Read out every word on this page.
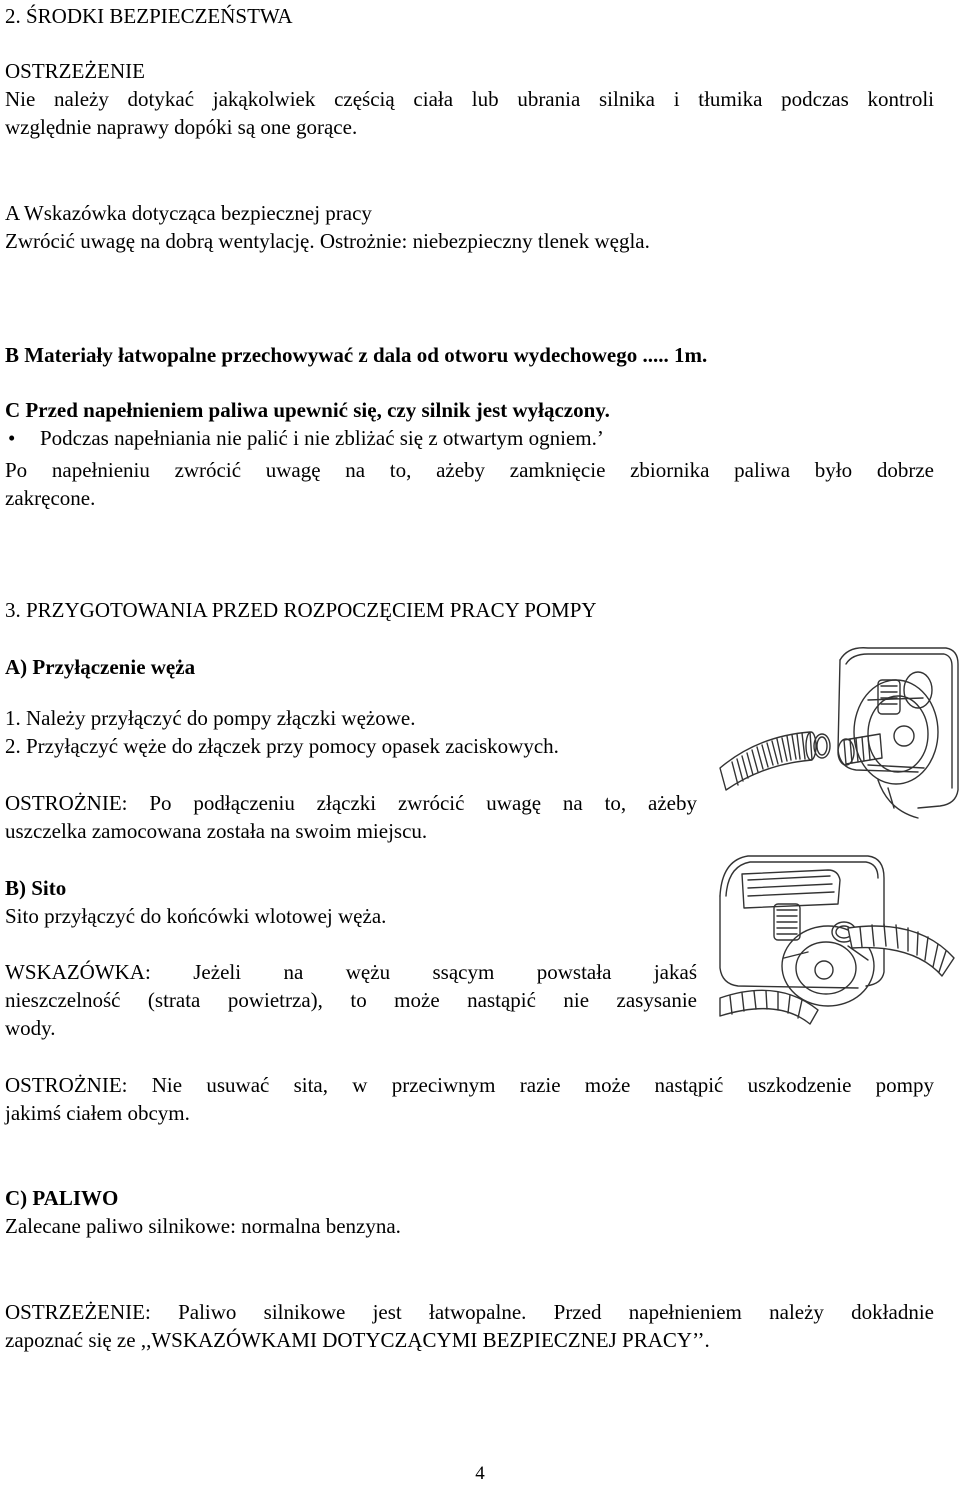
2. ŚRODKI BEZPIECZEŃSTWA
OSTRZEŻENIE
Nie należy dotykać jakąkolwiek częścią ciała lub ubrania silnika i tłumika podczas kontroli
względnie naprawy dopóki są one gorące.
A Wskazówka dotycząca bezpiecznej pracy
Zwrócić uwagę na dobrą wentylację. Ostrożnie: niebezpieczny tlenek węgla.
B Materiały łatwopalne przechowywać z dala od otworu wydechowego ..... 1m.
C Przed napełnieniem paliwa upewnić się, czy silnik jest wyłączony.
• Podczas napełniania nie palić i nie zbliżać się z otwartym ogniem.’
Po napełnieniu zwrócić uwagę na to, ażeby zamknięcie zbiornika paliwa było dobrze
zakręcone.
3. PRZYGOTOWANIA PRZED ROZPOCZĘCIEM PRACY POMPY
A) Przyłączenie węża
1. Należy przyłączyć do pompy złączki wężowe.
2. Przyłączyć węże do złączek przy pomocy opasek zaciskowych.
OSTROŻNIE: Po podłączeniu złączki zwrócić uwagę na to, ażeby
uszczelka zamocowana została na swoim miejscu.
B) Sito
Sito przyłączyć do końcówki wlotowej węża.
WSKAZÓWKA: Jeżeli na wężu ssącym powstała jakaś
nieszczelność (strata powietrza), to może nastąpić nie zasysanie
wody.
OSTROŻNIE: Nie usuwać sita, w przeciwnym razie może nastąpić uszkodzenie pompy
jakimś ciałem obcym.
C) PALIWO
Zalecane paliwo silnikowe: normalna benzyna.
OSTRZEŻENIE: Paliwo silnikowe jest łatwopalne. Przed napełnieniem należy dokładnie
zapoznać się ze ,,WSKAZÓWKAMI DOTYCZĄCYMI BEZPIECZNEJ PRACY’’.
4
